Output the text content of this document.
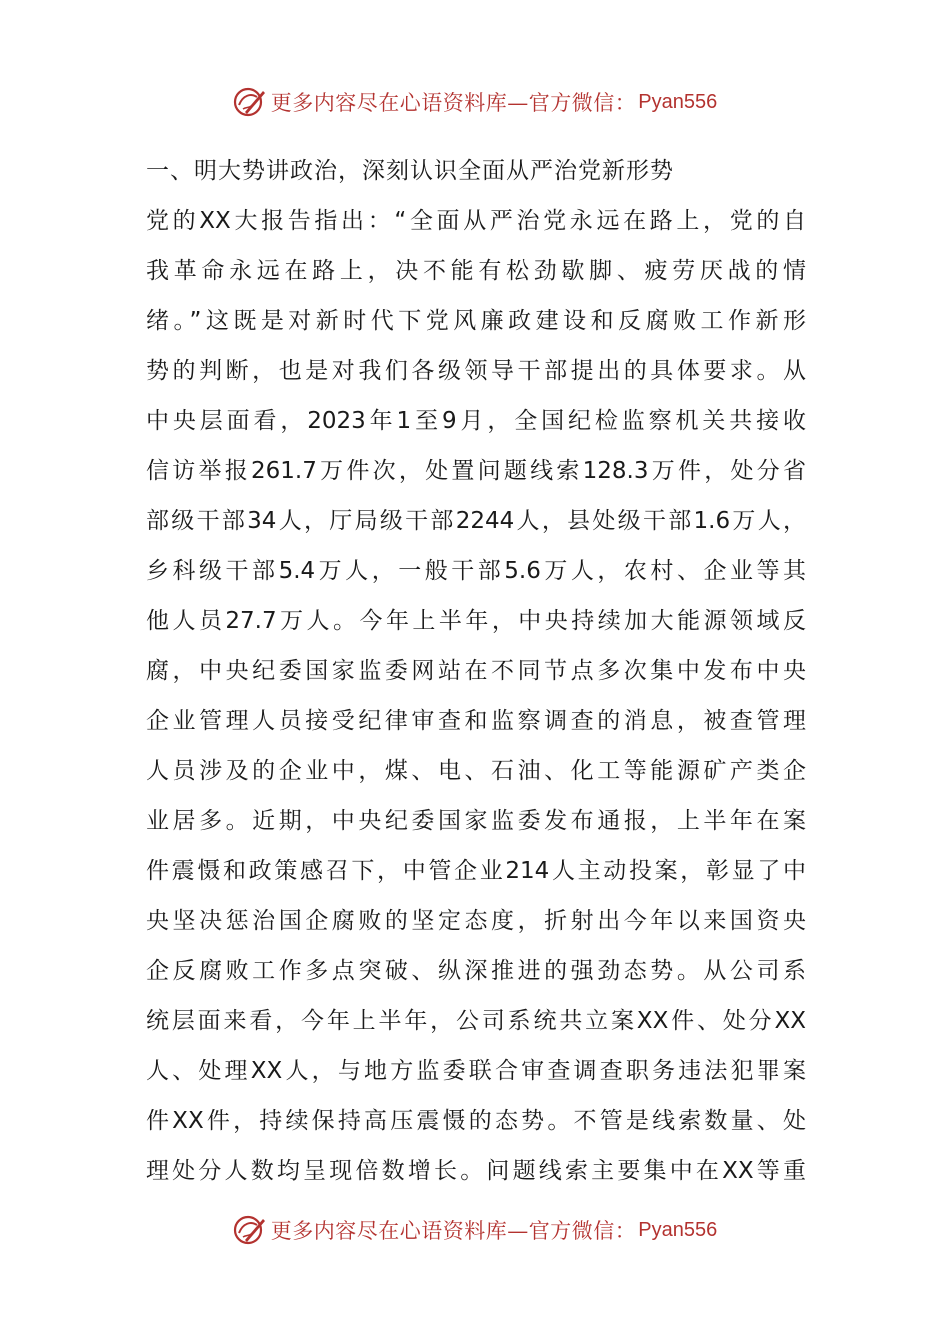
更多内容尽在心语资料库—官方微信： Pyan556
一、明大势讲政治，深刻认识全面从严治党新形势

党的XX大报告指出：“全面从严治党永远在路上，党的自

我革命永远在路上，决不能有松劲歇脚、疲劳厌战的情

绪。”这既是对新时代下党风廉政建设和反腐败工作新形

势的判断，也是对我们各级领导干部提出的具体要求。从

中央层面看，2023年1至9月，全国纪检监察机关共接收

信访举报261.7万件次，处置问题线索128.3万件，处分省

部级干部34人，厅局级干部2244人，县处级干部1.6万人，

乡科级干部5.4万人，一般干部5.6万人，农村、企业等其

他人员27.7万人。今年上半年，中央持续加大能源领域反

腐，中央纪委国家监委网站在不同节点多次集中发布中央

企业管理人员接受纪律审查和监察调查的消息，被查管理

人员涉及的企业中，煤、电、石油、化工等能源矿产类企

业居多。近期，中央纪委国家监委发布通报，上半年在案

件震慑和政策感召下，中管企业214人主动投案，彰显了中

央坚决惩治国企腐败的坚定态度，折射出今年以来国资央

企反腐败工作多点突破、纵深推进的强劲态势。从公司系

统层面来看，今年上半年，公司系统共立案XX件、处分XX

人、处理XX人，与地方监委联合审查调查职务违法犯罪案

件XX件，持续保持高压震慑的态势。不管是线索数量、处

理处分人数均呈现倍数增长。问题线索主要集中在XX等重

更多内容尽在心语资料库—官方微信： Pyan556
